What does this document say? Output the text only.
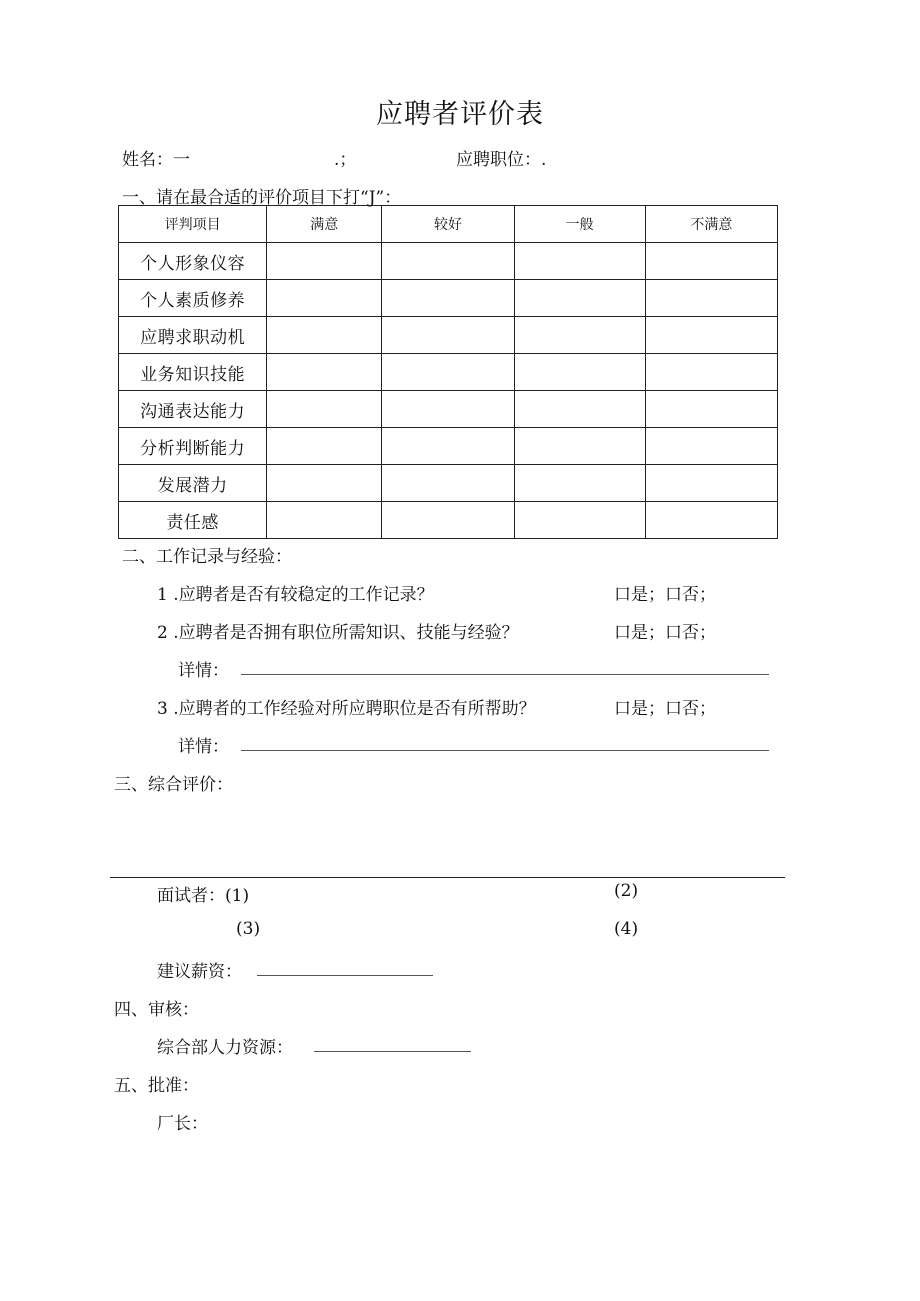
应聘者评价表
姓名：一	.；	应聘职位：.
一、请在最合适的评价项目下打“J”：
评判项目	满意	较好	一般	不满意
个人形象仪容				
个人素质修养				
应聘求职动机				
业务知识技能				
沟通表达能力				
分析判断能力				
发展潜力				
责任感				
二、工作记录与经验：
1 .应聘者是否有较稳定的工作记录？	口是；口否；
2 .应聘者是否拥有职位所需知识、技能与经验？	口是；口否；
详情：
3 .应聘者的工作经验对所应聘职位是否有所帮助？	口是；口否；
详情：
三、综合评价：
面试者：(1)	(2)
(3)	(4)
建议薪资：
四、审核：
综合部人力资源：
五、批准：
厂长：
